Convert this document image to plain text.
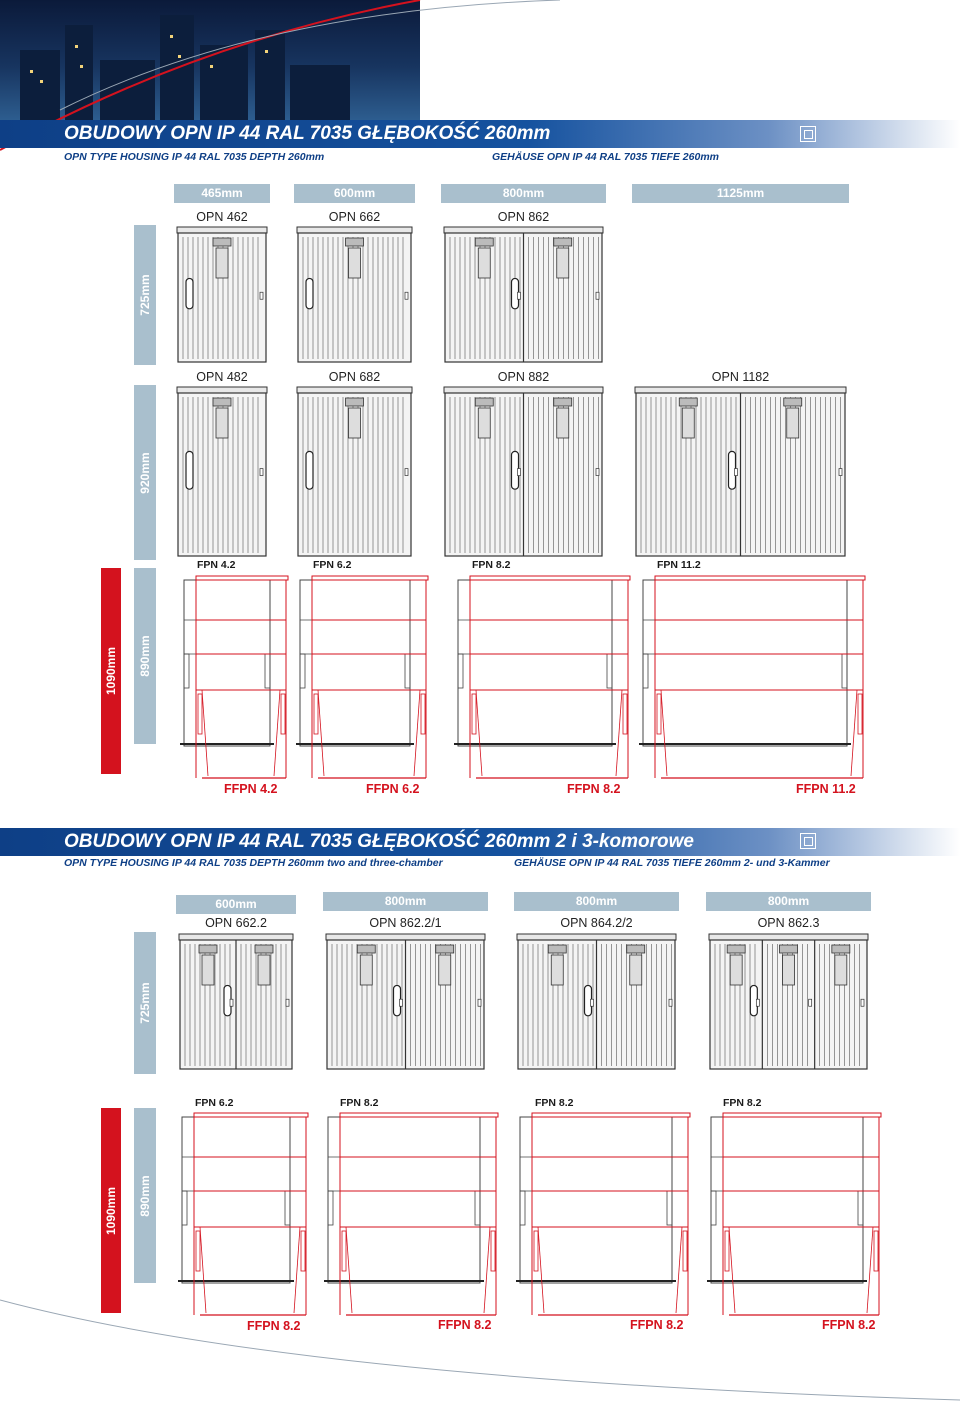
OBUDOWY OPN IP 44 RAL 7035 GŁĘBOKOŚĆ 260mm
OPN TYPE HOUSING IP 44 RAL 7035 DEPTH 260mm	GEHÄUSE OPN IP 44 RAL 7035 TIEFE 260mm
465mm	600mm	800mm	1125mm
OPN 462	OPN 662	OPN 862
725mm
920mm
890mm
1090mm
OPN 482	OPN 682	OPN 882	OPN 1182
FPN 4.2	FPN 6.2	FPN 8.2	FPN 11.2
FFPN 4.2	FFPN 6.2	FFPN 8.2	FFPN 11.2
OBUDOWY OPN IP 44 RAL 7035 GŁĘBOKOŚĆ 260mm 2 i 3-komorowe
OPN TYPE HOUSING IP 44 RAL 7035 DEPTH 260mm two and three-chamber	GEHÄUSE OPN IP 44 RAL 7035 TIEFE 260mm 2- und 3-Kammer
600mm	800mm	800mm	800mm
OPN 662.2	OPN 862.2/1	OPN 864.2/2	OPN 862.3
725mm
890mm
1090mm
FPN 6.2	FPN 8.2	FPN 8.2	FPN 8.2
FFPN 8.2	FFPN 8.2	FFPN 8.2	FFPN 8.2
